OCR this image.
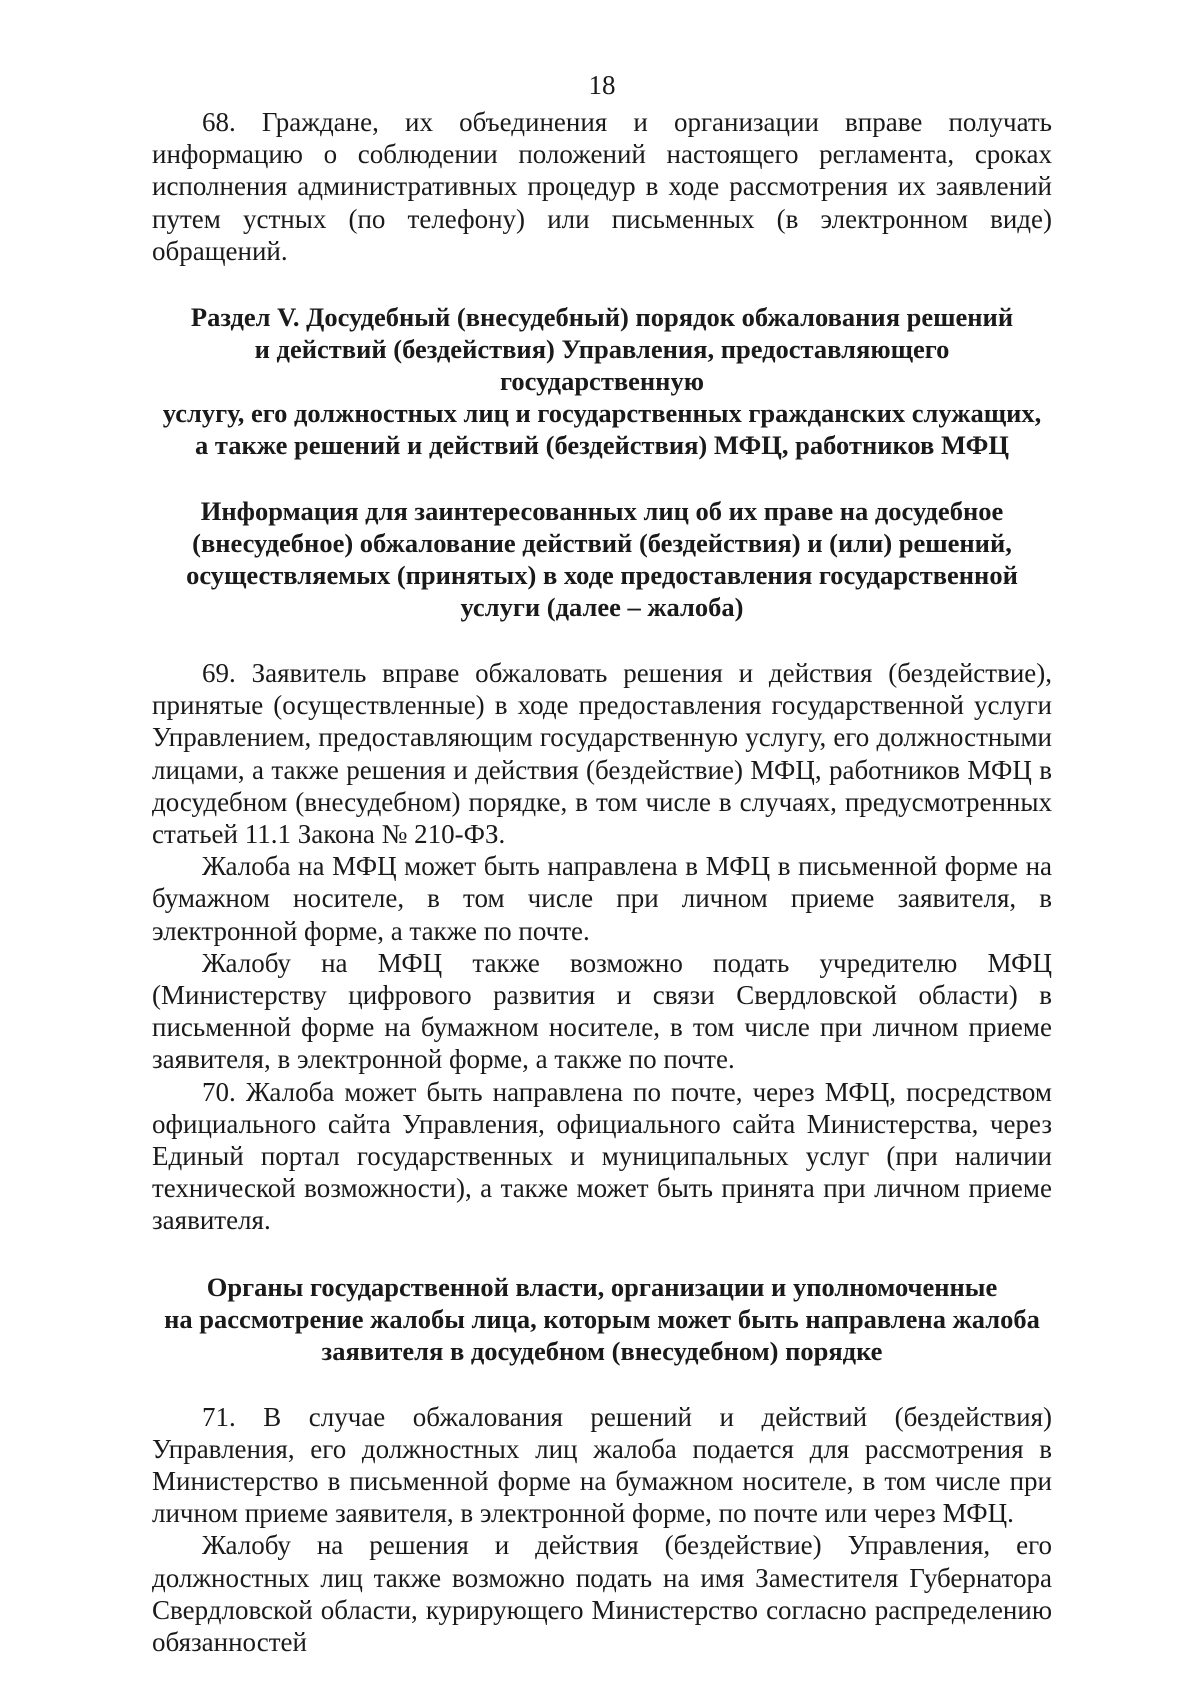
18

68. Граждане, их объединения и организации вправе получать информацию о соблюдении положений настоящего регламента, сроках исполнения административных процедур в ходе рассмотрения их заявлений путем устных (по телефону) или письменных (в электронном виде) обращений.

Раздел V. Досудебный (внесудебный) порядок обжалования решений
и действий (бездействия) Управления, предоставляющего государственную
услугу, его должностных лиц и государственных гражданских служащих,
а также решений и действий (бездействия) МФЦ, работников МФЦ
Информация для заинтересованных лиц об их праве на досудебное
(внесудебное) обжалование действий (бездействия) и (или) решений,
осуществляемых (принятых) в ходе предоставления государственной
услуги (далее – жалоба)

69. Заявитель вправе обжаловать решения и действия (бездействие), принятые (осуществленные) в ходе предоставления государственной услуги Управлением, предоставляющим государственную услугу, его должностными лицами, а также решения и действия (бездействие) МФЦ, работников МФЦ в досудебном (внесудебном) порядке, в том числе в случаях, предусмотренных статьей 11.1 Закона № 210-ФЗ.

Жалоба на МФЦ может быть направлена в МФЦ в письменной форме на бумажном носителе, в том числе при личном приеме заявителя, в электронной форме, а также по почте.

Жалобу на МФЦ также возможно подать учредителю МФЦ (Министерству цифрового развития и связи Свердловской области) в письменной форме на бумажном носителе, в том числе при личном приеме заявителя, в электронной форме, а также по почте.

70. Жалоба может быть направлена по почте, через МФЦ, посредством официального сайта Управления, официального сайта Министерства, через Единый портал государственных и муниципальных услуг (при наличии технической возможности), а также может быть принята при личном приеме заявителя.

Органы государственной власти, организации и уполномоченные
на рассмотрение жалобы лица, которым может быть направлена жалоба
заявителя в досудебном (внесудебном) порядке

71. В случае обжалования решений и действий (бездействия) Управления, его должностных лиц жалоба подается для рассмотрения в Министерство в письменной форме на бумажном носителе, в том числе при личном приеме заявителя, в электронной форме, по почте или через МФЦ.

Жалобу на решения и действия (бездействие) Управления, его должностных лиц также возможно подать на имя Заместителя Губернатора Свердловской области, курирующего Министерство согласно распределению обязанностей
